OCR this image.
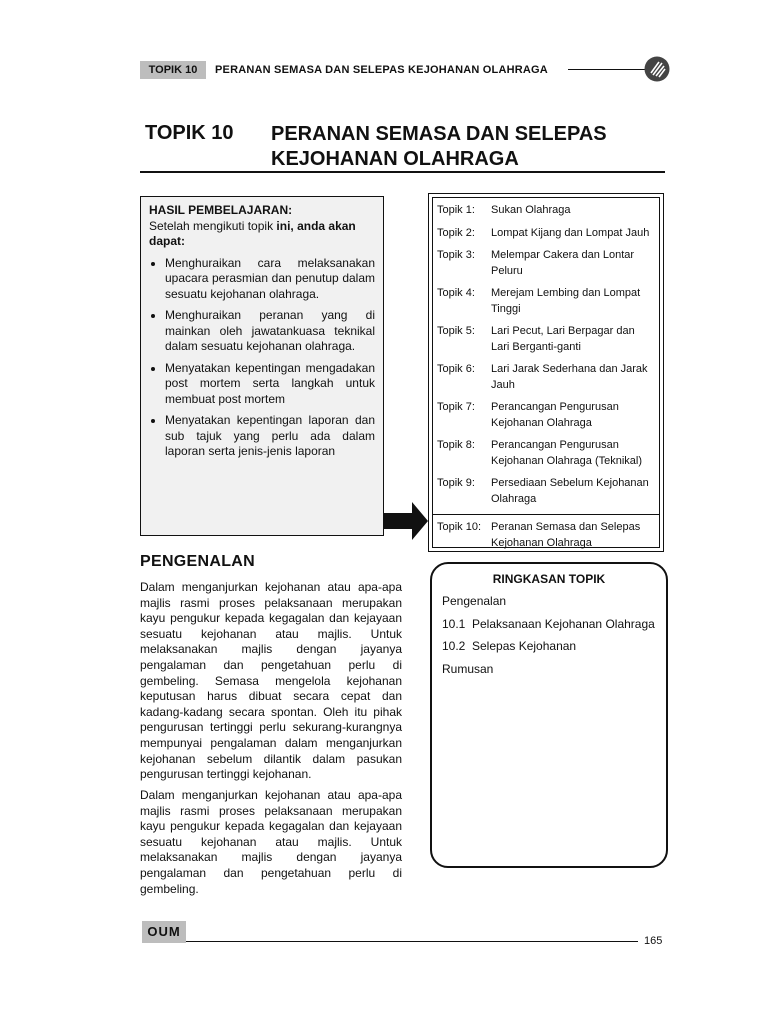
TOPIK 10	PERANAN SEMASA DAN SELEPAS KEJOHANAN OLAHRAGA
TOPIK 10 PERANAN SEMASA DAN SELEPAS KEJOHANAN OLAHRAGA
HASIL PEMBELAJARAN:
Setelah mengikuti topik ini, anda akan dapat:
• Menghuraikan cara melaksanakan upacara perasmian dan penutup dalam sesuatu kejohanan olahraga.
• Menghuraikan peranan yang di mainkan oleh jawatankuasa teknikal dalam sesuatu kejohanan olahraga.
• Menyatakan kepentingan mengadakan post mortem serta langkah untuk membuat post mortem
• Menyatakan kepentingan laporan dan sub tajuk yang perlu ada dalam laporan serta jenis-jenis laporan
Topik 1:	Sukan Olahraga
Topik 2:	Lompat Kijang dan Lompat Jauh
Topik 3:	Melempar Cakera dan Lontar Peluru
Topik 4:	Merejam Lembing dan Lompat Tinggi
Topik 5:	Lari Pecut, Lari Berpagar dan Lari Berganti-ganti
Topik 6:	Lari Jarak Sederhana dan Jarak Jauh
Topik 7:	Perancangan Pengurusan Kejohanan Olahraga
Topik 8:	Perancangan Pengurusan Kejohanan Olahraga (Teknikal)
Topik 9:	Persediaan Sebelum Kejohanan Olahraga
Topik 10: Peranan Semasa dan Selepas Kejohanan Olahraga
PENGENALAN

Dalam menganjurkan kejohanan atau apa-apa majlis rasmi proses pelaksanaan merupakan kayu pengukur kepada kegagalan dan kejayaan sesuatu kejohanan atau majlis. Untuk melaksanakan majlis dengan jayanya pengalaman dan pengetahuan perlu di gembeling. Semasa mengelola kejohanan keputusan harus dibuat secara cepat dan kadang-kadang secara spontan. Oleh itu pihak pengurusan tertinggi perlu sekurang-kurangnya mempunyai pengalaman dalam menganjurkan kejohanan sebelum dilantik dalam pasukan pengurusan tertinggi kejohanan.

Dalam menganjurkan kejohanan atau apa-apa majlis rasmi proses pelaksanaan merupakan kayu pengukur kepada kegagalan dan kejayaan sesuatu kejohanan atau majlis. Untuk melaksanakan majlis dengan jayanya pengalaman dan pengetahuan perlu di gembeling.

RINGKASAN TOPIK
Pengenalan
10.1 Pelaksanaan Kejohanan Olahraga
10.2 Selepas Kejohanan
Rumusan
OUM
165
